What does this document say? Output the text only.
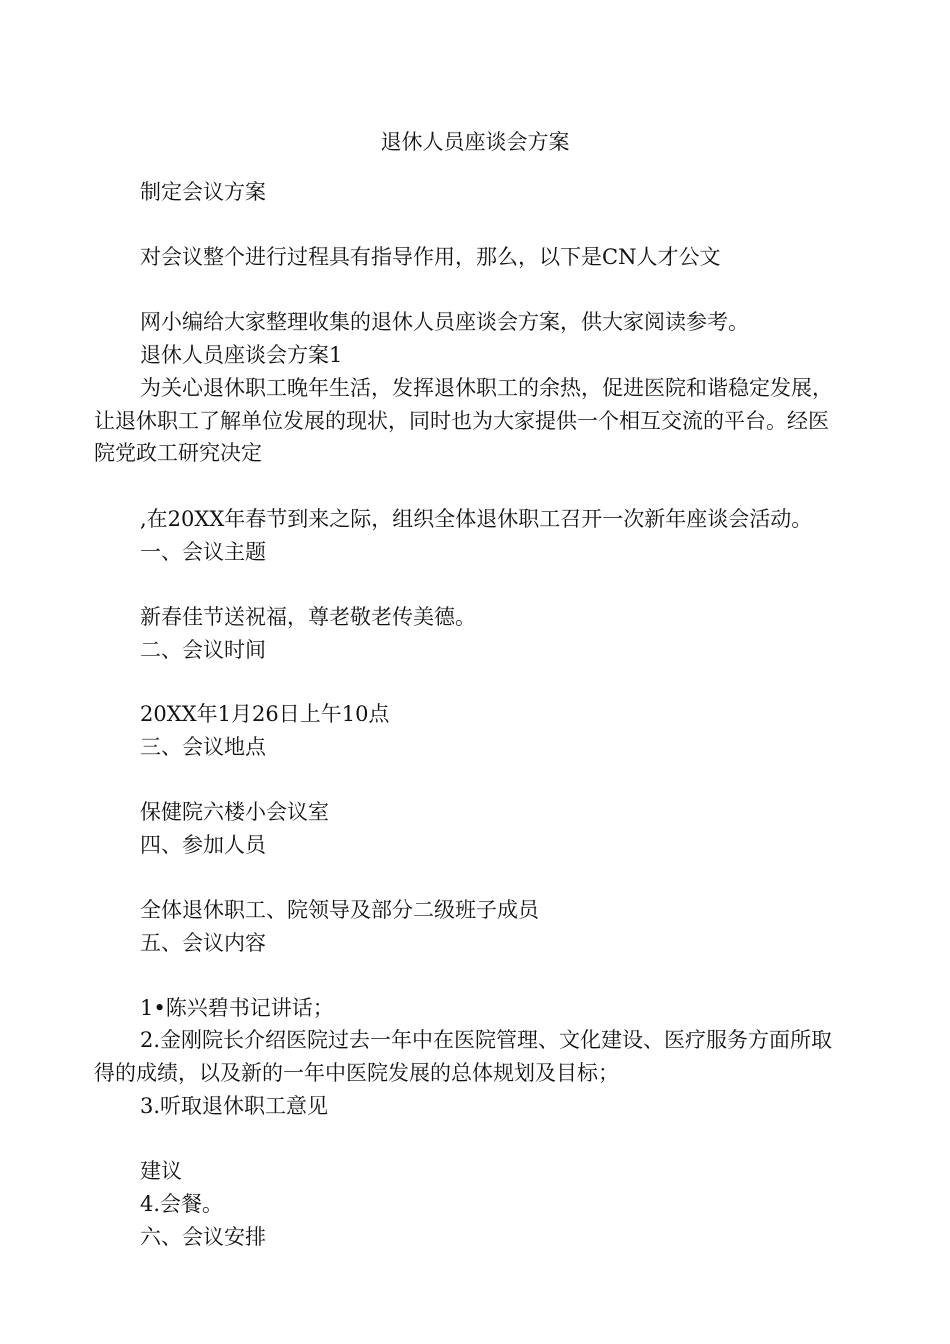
退休人员座谈会方案
制定会议方案
对会议整个进行过程具有指导作用，那么，以下是CN人才公文
网小编给大家整理收集的退休人员座谈会方案，供大家阅读参考。
退休人员座谈会方案1
为关心退休职工晚年生活，发挥退休职工的余热，促进医院和谐稳定发展，
让退休职工了解单位发展的现状，同时也为大家提供一个相互交流的平台。经医
院党政工研究决定
,在20XX年春节到来之际，组织全体退休职工召开一次新年座谈会活动。
一、会议主题
新春佳节送祝福，尊老敬老传美德。
二、会议时间
20XX年1月26日上午10点
三、会议地点
保健院六楼小会议室
四、参加人员
全体退休职工、院领导及部分二级班子成员
五、会议内容
1•陈兴碧书记讲话；
2.金刚院长介绍医院过去一年中在医院管理、文化建设、医疗服务方面所取
得的成绩，以及新的一年中医院发展的总体规划及目标；
3.听取退休职工意见
建议
4.会餐。
六、会议安排
